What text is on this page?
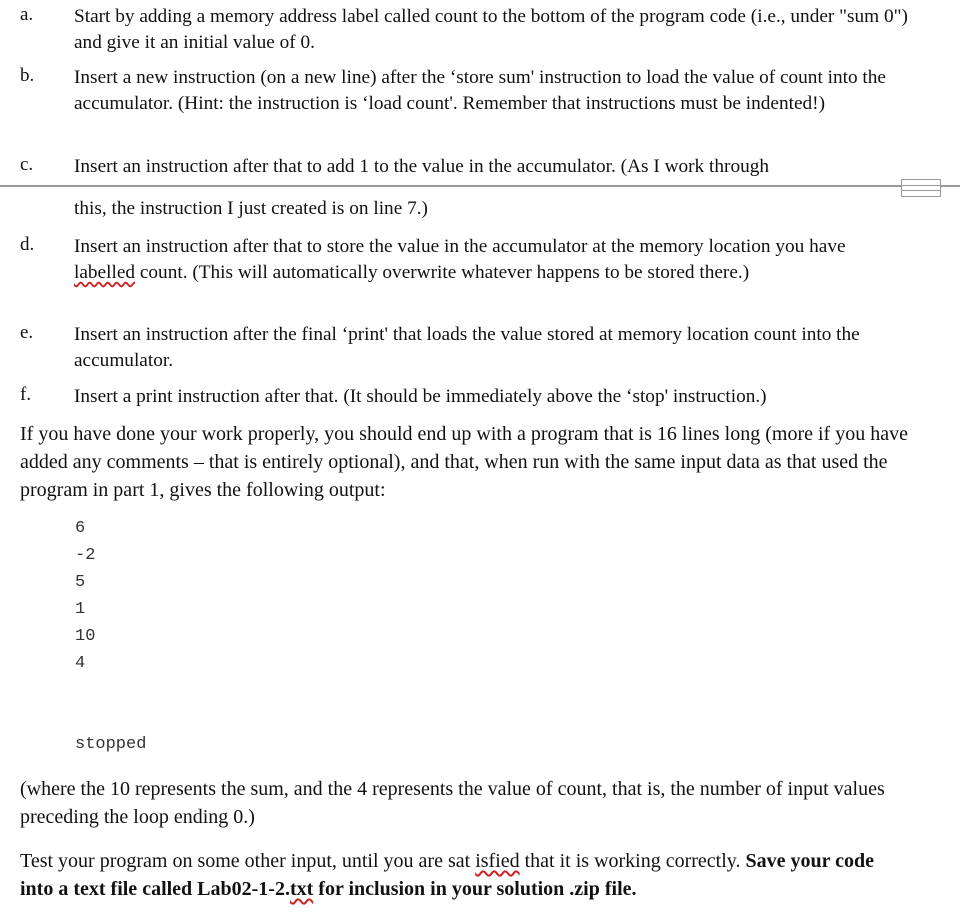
a. Start by adding a memory address label called count to the bottom of the program code (i.e., under "sum 0") and give it an initial value of 0.
b. Insert a new instruction (on a new line) after the ‘store sum' instruction to load the value of count into the accumulator. (Hint: the instruction is ‘load count'. Remember that instructions must be indented!)
c. Insert an instruction after that to add 1 to the value in the accumulator. (As I work through
this, the instruction I just created is on line 7.)
d. Insert an instruction after that to store the value in the accumulator at the memory location you have labelled count. (This will automatically overwrite whatever happens to be stored there.)
e. Insert an instruction after the final ‘print' that loads the value stored at memory location count into the accumulator.
f. Insert a print instruction after that. (It should be immediately above the ‘stop' instruction.)
If you have done your work properly, you should end up with a program that is 16 lines long (more if you have added any comments – that is entirely optional), and that, when run with the same input data as that used the program in part 1, gives the following output:
6
-2
5
1
10
4
stopped
(where the 10 represents the sum, and the 4 represents the value of count, that is, the number of input values preceding the loop ending 0.)
Test your program on some other input, until you are sat isfied that it is working correctly. Save your code into a text file called Lab02-1-2.txt for inclusion in your solution .zip file.
